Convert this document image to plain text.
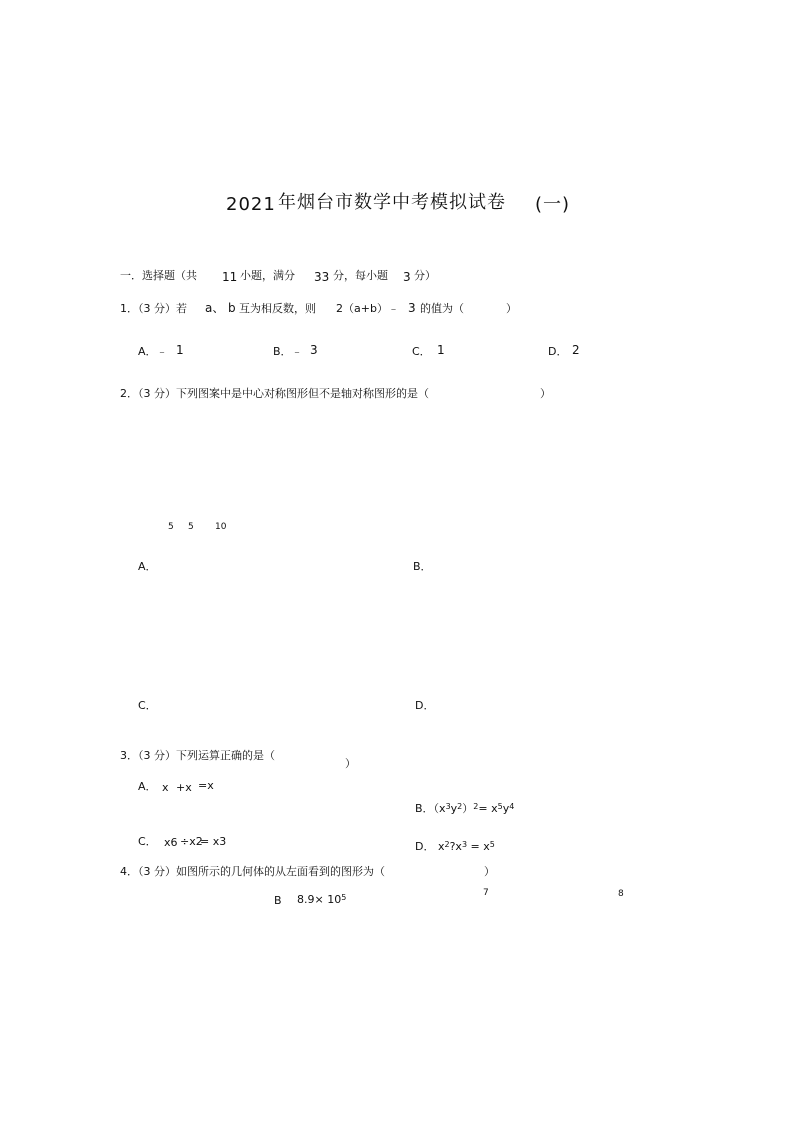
2021 年烟台市数学中考模拟试卷 (一)
一．选择题（共 11 小题，满分 33 分，每小题 3 分）
1．（3 分）若 a、 b 互为相反数，则 2（a+b）﹣ 3 的值为（	）
A．﹣ 1	B．﹣ 3	C． 1	D． 2
2．（3 分）下列图案中是中心对称图形但不是轴对称图形的是（	）
5 5 10
A．	B．
C．	D．
3．（3 分）下列运算正确的是（
）
A． x +x =x
B．$(x^3y^2)^2= x^5y^4$
C． x6 ÷x2
= x3	D． $x^2?x^3 = x^5$
4．（3 分）如图所示的几何体的从左面看到的图形为（	）
B $8.9\times 10^5$	7	8
